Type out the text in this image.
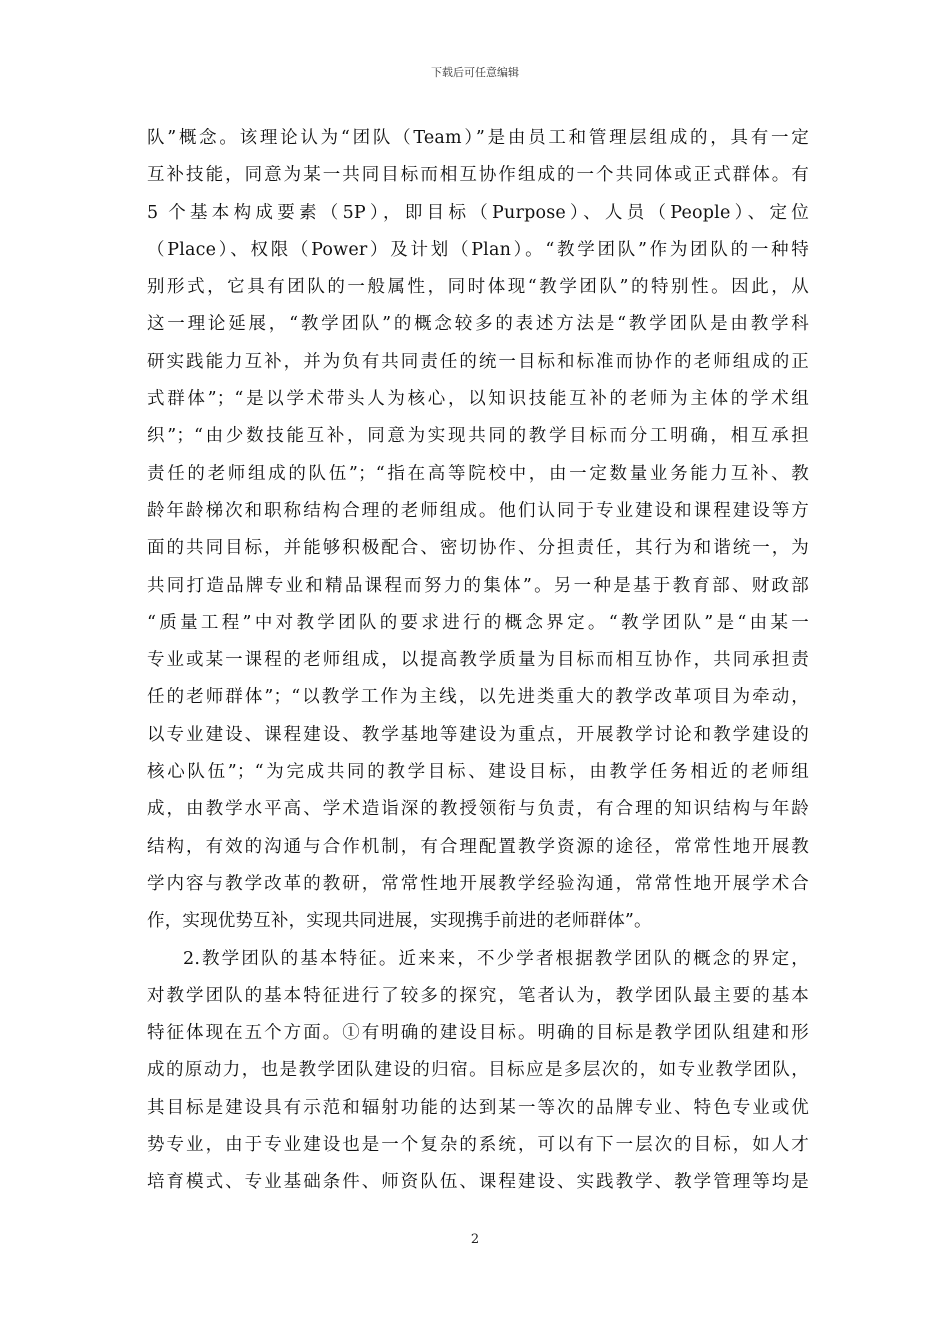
下载后可任意编辑

队”概念。该理论认为“团队（Team）”是由员工和管理层组成的，具有一定

互补技能，同意为某一共同目标而相互协作组成的一个共同体或正式群体。有

5 个基本构成要素（5P），即目标（Purpose）、人员（People）、定位

（Place）、权限（Power）及计划（Plan）。“教学团队”作为团队的一种特

别形式，它具有团队的一般属性，同时体现“教学团队”的特别性。因此，从

这一理论延展，“教学团队”的概念较多的表述方法是“教学团队是由教学科

研实践能力互补，并为负有共同责任的统一目标和标准而协作的老师组成的正

式群体”；“是以学术带头人为核心，以知识技能互补的老师为主体的学术组

织”；“由少数技能互补，同意为实现共同的教学目标而分工明确，相互承担

责任的老师组成的队伍”；“指在高等院校中，由一定数量业务能力互补、教

龄年龄梯次和职称结构合理的老师组成。他们认同于专业建设和课程建设等方

面的共同目标，并能够积极配合、密切协作、分担责任，其行为和谐统一，为

共同打造品牌专业和精品课程而努力的集体”。另一种是基于教育部、财政部

“质量工程”中对教学团队的要求进行的概念界定。“教学团队”是“由某一

专业或某一课程的老师组成，以提高教学质量为目标而相互协作，共同承担责

任的老师群体”；“以教学工作为主线，以先进类重大的教学改革项目为牵动，

以专业建设、课程建设、教学基地等建设为重点，开展教学讨论和教学建设的

核心队伍”；“为完成共同的教学目标、建设目标，由教学任务相近的老师组

成，由教学水平高、学术造诣深的教授领衔与负责，有合理的知识结构与年龄

结构，有效的沟通与合作机制，有合理配置教学资源的途径，常常性地开展教

学内容与教学改革的教研，常常性地开展教学经验沟通，常常性地开展学术合

作，实现优势互补，实现共同进展，实现携手前进的老师群体”。

2.教学团队的基本特征。近来来，不少学者根据教学团队的概念的界定，

对教学团队的基本特征进行了较多的探究，笔者认为，教学团队最主要的基本

特征体现在五个方面。①有明确的建设目标。明确的目标是教学团队组建和形

成的原动力，也是教学团队建设的归宿。目标应是多层次的，如专业教学团队，

其目标是建设具有示范和辐射功能的达到某一等次的品牌专业、特色专业或优

势专业，由于专业建设也是一个复杂的系统，可以有下一层次的目标，如人才

培育模式、专业基础条件、师资队伍、课程建设、实践教学、教学管理等均是

2
